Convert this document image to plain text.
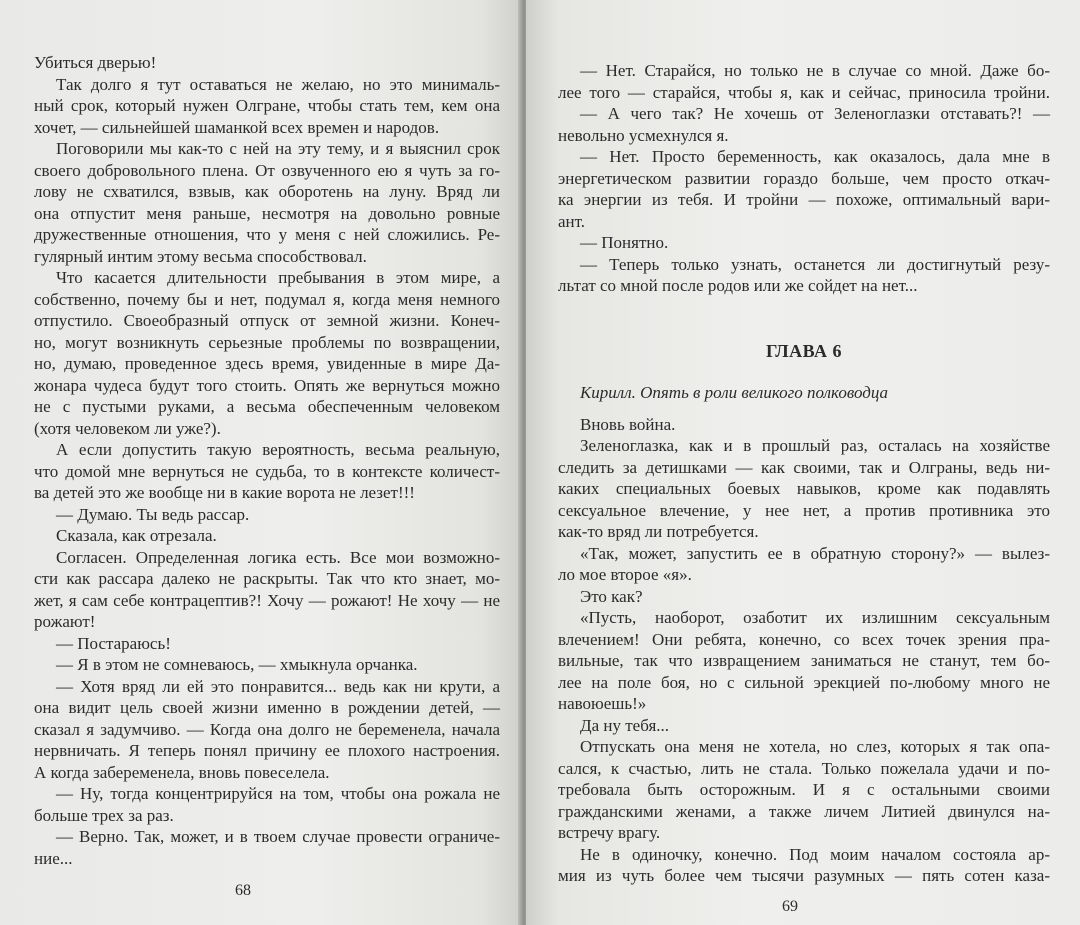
Убиться дверью!
Так долго я тут оставаться не желаю, но это минималь-
ный срок, который нужен Олгране, чтобы стать тем, кем она
хочет, — сильнейшей шаманкой всех времен и народов.
Поговорили мы как-то с ней на эту тему, и я выяснил срок
своего добровольного плена. От озвученного ею я чуть за го-
лову не схватился, взвыв, как оборотень на луну. Вряд ли
она отпустит меня раньше, несмотря на довольно ровные
дружественные отношения, что у меня с ней сложились. Ре-
гулярный интим этому весьма способствовал.
Что касается длительности пребывания в этом мире, а
собственно, почему бы и нет, подумал я, когда меня немного
отпустило. Своеобразный отпуск от земной жизни. Конеч-
но, могут возникнуть серьезные проблемы по возвращении,
но, думаю, проведенное здесь время, увиденные в мире Да-
жонара чудеса будут того стоить. Опять же вернуться можно
не с пустыми руками, а весьма обеспеченным человеком
(хотя человеком ли уже?).
А если допустить такую вероятность, весьма реальную,
что домой мне вернуться не судьба, то в контексте количест-
ва детей это же вообще ни в какие ворота не лезет!!!
— Думаю. Ты ведь рассар.
Сказала, как отрезала.
Согласен. Определенная логика есть. Все мои возможно-
сти как рассара далеко не раскрыты. Так что кто знает, мо-
жет, я сам себе контрацептив?! Хочу — рожают! Не хочу — не
рожают!
— Постараюсь!
— Я в этом не сомневаюсь, — хмыкнула орчанка.
— Хотя вряд ли ей это понравится... ведь как ни крути, а
она видит цель своей жизни именно в рождении детей, —
сказал я задумчиво. — Когда она долго не беременела, начала
нервничать. Я теперь понял причину ее плохого настроения.
А когда забеременела, вновь повеселела.
— Ну, тогда концентрируйся на том, чтобы она рожала не
больше трех за раз.
— Верно. Так, может, и в твоем случае провести ограниче-
ние...
68
— Нет. Старайся, но только не в случае со мной. Даже бо-
лее того — старайся, чтобы я, как и сейчас, приносила тройни.
— А чего так? Не хочешь от Зеленоглазки отставать?! —
невольно усмехнулся я.
— Нет. Просто беременность, как оказалось, дала мне в
энергетическом развитии гораздо больше, чем просто откач-
ка энергии из тебя. И тройни — похоже, оптимальный вари-
ант.
— Понятно.
— Теперь только узнать, останется ли достигнутый резу-
льтат со мной после родов или же сойдет на нет...
ГЛАВА 6
Кирилл. Опять в роли великого полководца
Вновь война.
Зеленоглазка, как и в прошлый раз, осталась на хозяйстве
следить за детишками — как своими, так и Олграны, ведь ни-
каких специальных боевых навыков, кроме как подавлять
сексуальное влечение, у нее нет, а против противника это
как-то вряд ли потребуется.
«Так, может, запустить ее в обратную сторону?» — вылез-
ло мое второе «я».
Это как?
«Пусть, наоборот, озаботит их излишним сексуальным
влечением! Они ребята, конечно, со всех точек зрения пра-
вильные, так что извращением заниматься не станут, тем бо-
лее на поле боя, но с сильной эрекцией по-любому много не
навоюешь!»
Да ну тебя...
Отпускать она меня не хотела, но слез, которых я так опа-
сался, к счастью, лить не стала. Только пожелала удачи и по-
требовала быть осторожным. И я с остальными своими
гражданскими женами, а также личем Литией двинулся на-
встречу врагу.
Не в одиночку, конечно. Под моим началом состояла ар-
мия из чуть более чем тысячи разумных — пять сотен каза-
69
